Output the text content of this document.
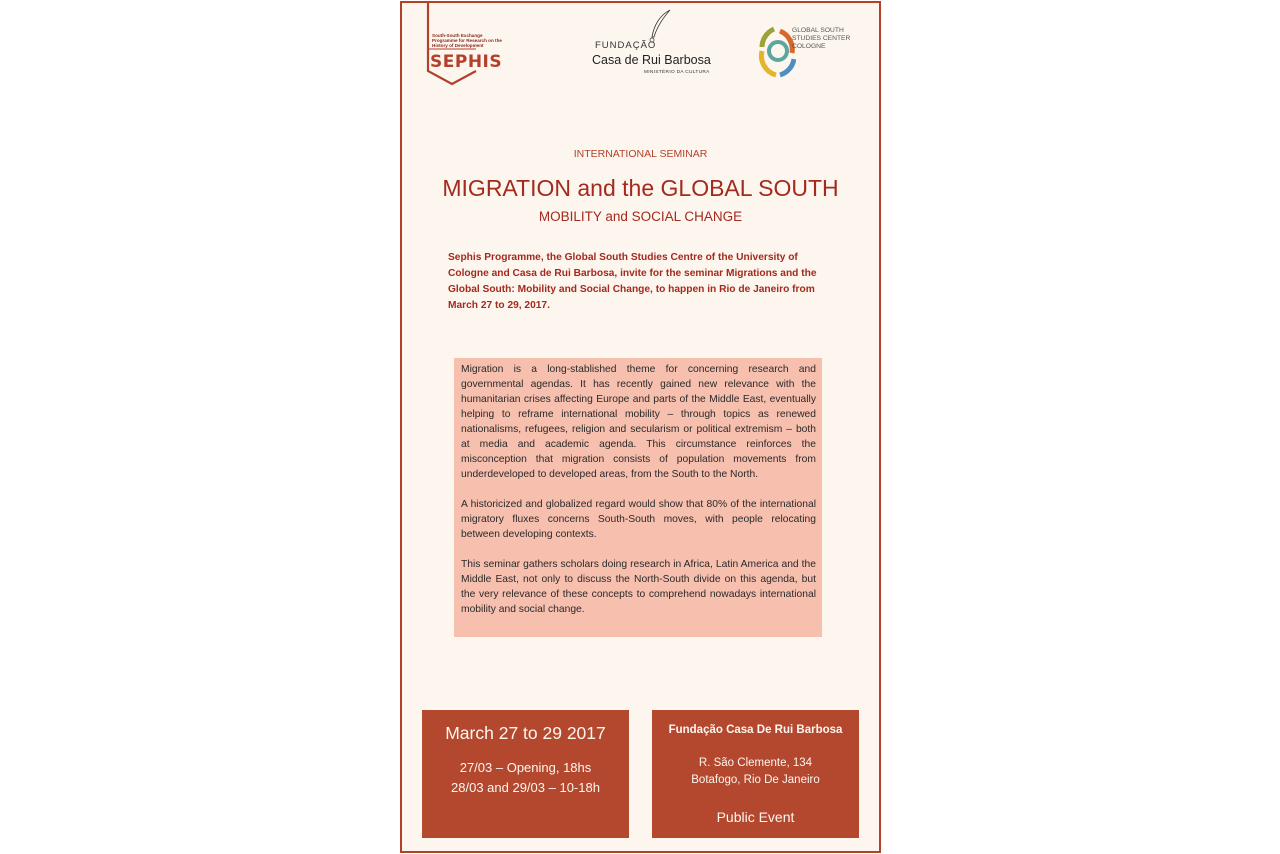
South-South Exchange Programme for Research on the History of Development
SEPHIS
FUNDAÇÃO
Casa de Rui Barbosa
MINISTÉRIO DA CULTURA
GLOBAL SOUTH
STUDIES CENTER
COLOGNE
INTERNATIONAL SEMINAR
MIGRATION and the GLOBAL SOUTH
MOBILITY and SOCIAL CHANGE
Sephis Programme, the Global South Studies Centre of the University of Cologne and Casa de Rui Barbosa, invite for the seminar Migrations and the Global South: Mobility and Social Change, to happen in Rio de Janeiro from March 27 to 29, 2017.

Migration is a long-stablished theme for concerning research and governmental agendas. It has recently gained new relevance with the humanitarian crises affecting Europe and parts of the Middle East, eventually helping to reframe international mobility – through topics as renewed nationalisms, refugees, religion and secularism or political extremism – both at media and academic agenda. This circumstance reinforces the misconception that migration consists of population movements from underdeveloped to developed areas, from the South to the North.

A historicized and globalized regard would show that 80% of the international migratory fluxes concerns South-South moves, with people relocating between developing contexts.

This seminar gathers scholars doing research in Africa, Latin America and the Middle East, not only to discuss the North-South divide on this agenda, but the very relevance of these concepts to comprehend nowadays international mobility and social change.

March 27 to 29 2017
27/03 – Opening, 18hs
28/03 and 29/03 – 10-18h
Fundação Casa De Rui Barbosa
R. São Clemente, 134
Botafogo, Rio De Janeiro
Public Event
